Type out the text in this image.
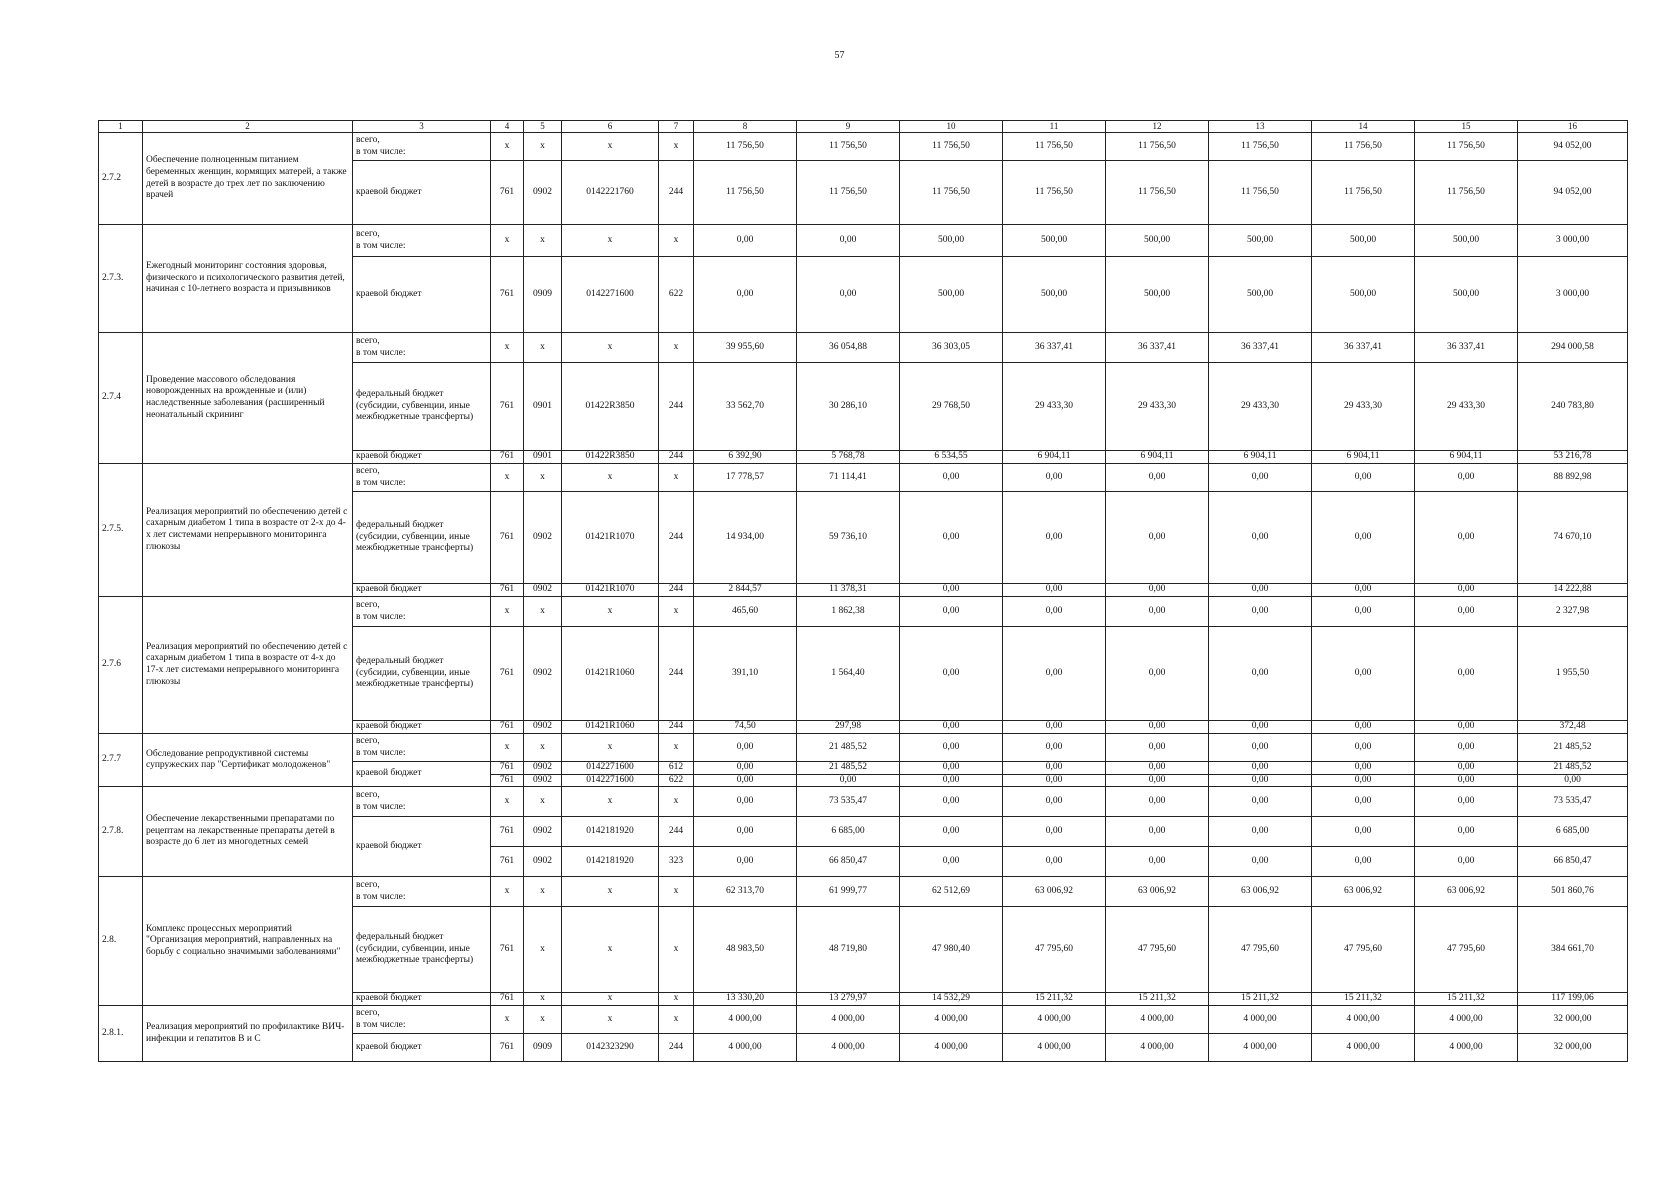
57
1	2	3	4	5	6	7	8	9	10	11	12	13	14	15	16
2.7.2	Обеспечение полноценным питанием беременных женщин, кормящих матерей, а также детей в возрасте до трех лет по заключению врачей	всего,
в том числе:	x	x	x	x	11 756,50	11 756,50	11 756,50	11 756,50	11 756,50	11 756,50	11 756,50	11 756,50	94 052,00
		краевой бюджет	761	0902	0142221760	244	11 756,50	11 756,50	11 756,50	11 756,50	11 756,50	11 756,50	11 756,50	11 756,50	94 052,00
2.7.3.	Ежегодный мониторинг состояния здоровья, физического и психологического развития детей, начиная с 10-летнего возраста и призывников	всего,
в том числе:	x	x	x	x	0,00	0,00	500,00	500,00	500,00	500,00	500,00	500,00	3 000,00
		краевой бюджет	761	0909	0142271600	622	0,00	0,00	500,00	500,00	500,00	500,00	500,00	500,00	3 000,00
2.7.4	Проведение массового обследования новорожденных на врожденные и (или) наследственные заболевания (расширенный неонатальный скрининг	всего,
в том числе:	x	x	x	x	39 955,60	36 054,88	36 303,05	36 337,41	36 337,41	36 337,41	36 337,41	36 337,41	294 000,58
		федеральный бюджет (субсидии, субвенции, иные межбюджетные трансферты)	761	0901	01422R3850	244	33 562,70	30 286,10	29 768,50	29 433,30	29 433,30	29 433,30	29 433,30	29 433,30	240 783,80
		краевой бюджет	761	0901	01422R3850	244	6 392,90	5 768,78	6 534,55	6 904,11	6 904,11	6 904,11	6 904,11	6 904,11	53 216,78
2.7.5.	Реализация мероприятий по обеспечению детей с сахарным диабетом 1 типа в возрасте от 2-х до 4-х лет системами непрерывного мониторинга глюкозы	всего,
в том числе:	x	x	x	x	17 778,57	71 114,41	0,00	0,00	0,00	0,00	0,00	0,00	88 892,98
		федеральный бюджет (субсидии, субвенции, иные межбюджетные трансферты)	761	0902	01421R1070	244	14 934,00	59 736,10	0,00	0,00	0,00	0,00	0,00	0,00	74 670,10
		краевой бюджет	761	0902	01421R1070	244	2 844,57	11 378,31	0,00	0,00	0,00	0,00	0,00	0,00	14 222,88
2.7.6	Реализация мероприятий по обеспечению детей с сахарным диабетом 1 типа в возрасте от 4-х до 17-х лет системами непрерывного мониторинга глюкозы	всего,
в том числе:	x	x	x	x	465,60	1 862,38	0,00	0,00	0,00	0,00	0,00	0,00	2 327,98
		федеральный бюджет (субсидии, субвенции, иные межбюджетные трансферты)	761	0902	01421R1060	244	391,10	1 564,40	0,00	0,00	0,00	0,00	0,00	0,00	1 955,50
		краевой бюджет	761	0902	01421R1060	244	74,50	297,98	0,00	0,00	0,00	0,00	0,00	0,00	372,48
2.7.7	Обследование репродуктивной системы супружеских пар "Сертификат молодоженов"	всего,
в том числе:	x	x	x	x	0,00	21 485,52	0,00	0,00	0,00	0,00	0,00	0,00	21 485,52
		краевой бюджет	761	0902	0142271600	612	0,00	21 485,52	0,00	0,00	0,00	0,00	0,00	0,00	21 485,52
			761	0902	0142271600	622	0,00	0,00	0,00	0,00	0,00	0,00	0,00	0,00	0,00
2.7.8.	Обеспечение лекарственными препаратами по рецептам на лекарственные препараты детей в возрасте до 6 лет из многодетных семей	всего,
в том числе:	x	x	x	x	0,00	73 535,47	0,00	0,00	0,00	0,00	0,00	0,00	73 535,47
		краевой бюджет	761	0902	0142181920	244	0,00	6 685,00	0,00	0,00	0,00	0,00	0,00	0,00	6 685,00
			761	0902	0142181920	323	0,00	66 850,47	0,00	0,00	0,00	0,00	0,00	0,00	66 850,47
2.8.	Комплекс процессных мероприятий "Организация мероприятий, направленных на борьбу с социально значимыми заболеваниями"	всего,
в том числе:	x	x	x	x	62 313,70	61 999,77	62 512,69	63 006,92	63 006,92	63 006,92	63 006,92	63 006,92	501 860,76
		федеральный бюджет (субсидии, субвенции, иные межбюджетные трансферты)	761	x	x	x	48 983,50	48 719,80	47 980,40	47 795,60	47 795,60	47 795,60	47 795,60	47 795,60	384 661,70
		краевой бюджет	761	x	x	x	13 330,20	13 279,97	14 532,29	15 211,32	15 211,32	15 211,32	15 211,32	15 211,32	117 199,06
2.8.1.	Реализация мероприятий по профилактике ВИЧ-инфекции и гепатитов В и С	всего,
в том числе:	x	x	x	x	4 000,00	4 000,00	4 000,00	4 000,00	4 000,00	4 000,00	4 000,00	4 000,00	32 000,00
		краевой бюджет	761	0909	0142323290	244	4 000,00	4 000,00	4 000,00	4 000,00	4 000,00	4 000,00	4 000,00	4 000,00	32 000,00
